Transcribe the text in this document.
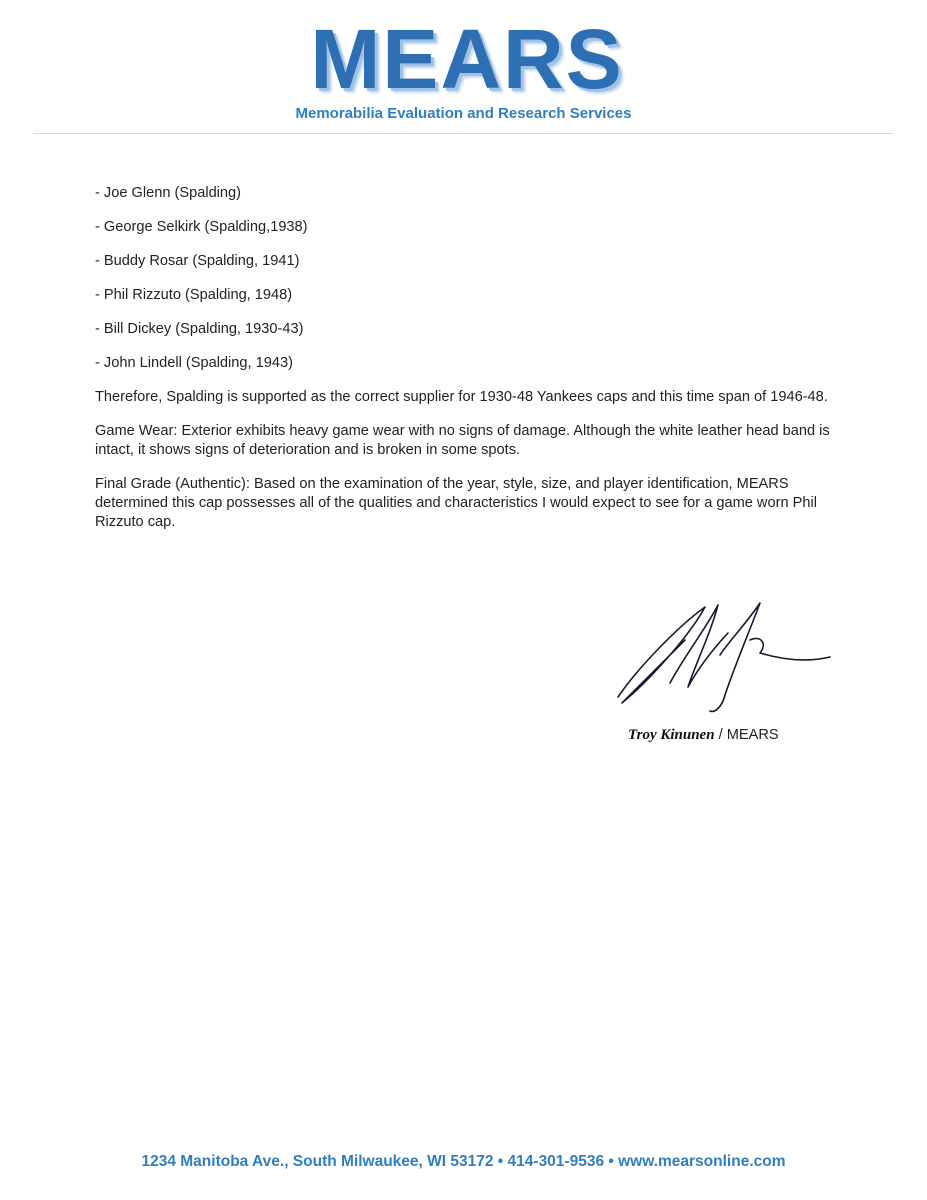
MEARS
Memorabilia Evaluation and Research Services
- Joe Glenn (Spalding)
- George Selkirk (Spalding,1938)
- Buddy Rosar (Spalding, 1941)
- Phil Rizzuto (Spalding, 1948)
- Bill Dickey (Spalding, 1930-43)
- John Lindell (Spalding, 1943)

Therefore, Spalding is supported as the correct supplier for 1930-48 Yankees caps and this time span of 1946-48.

Game Wear: Exterior exhibits heavy game wear with no signs of damage. Although the white leather head band is intact, it shows signs of deterioration and is broken in some spots.

Final Grade (Authentic): Based on the examination of the year, style, size, and player identification, MEARS determined this cap possesses all of the qualities and characteristics I would expect to see for a game worn Phil Rizzuto cap.

Troy Kinunen / MEARS
1234 Manitoba Ave., South Milwaukee, WI 53172 • 414-301-9536 • www.mearsonline.com
